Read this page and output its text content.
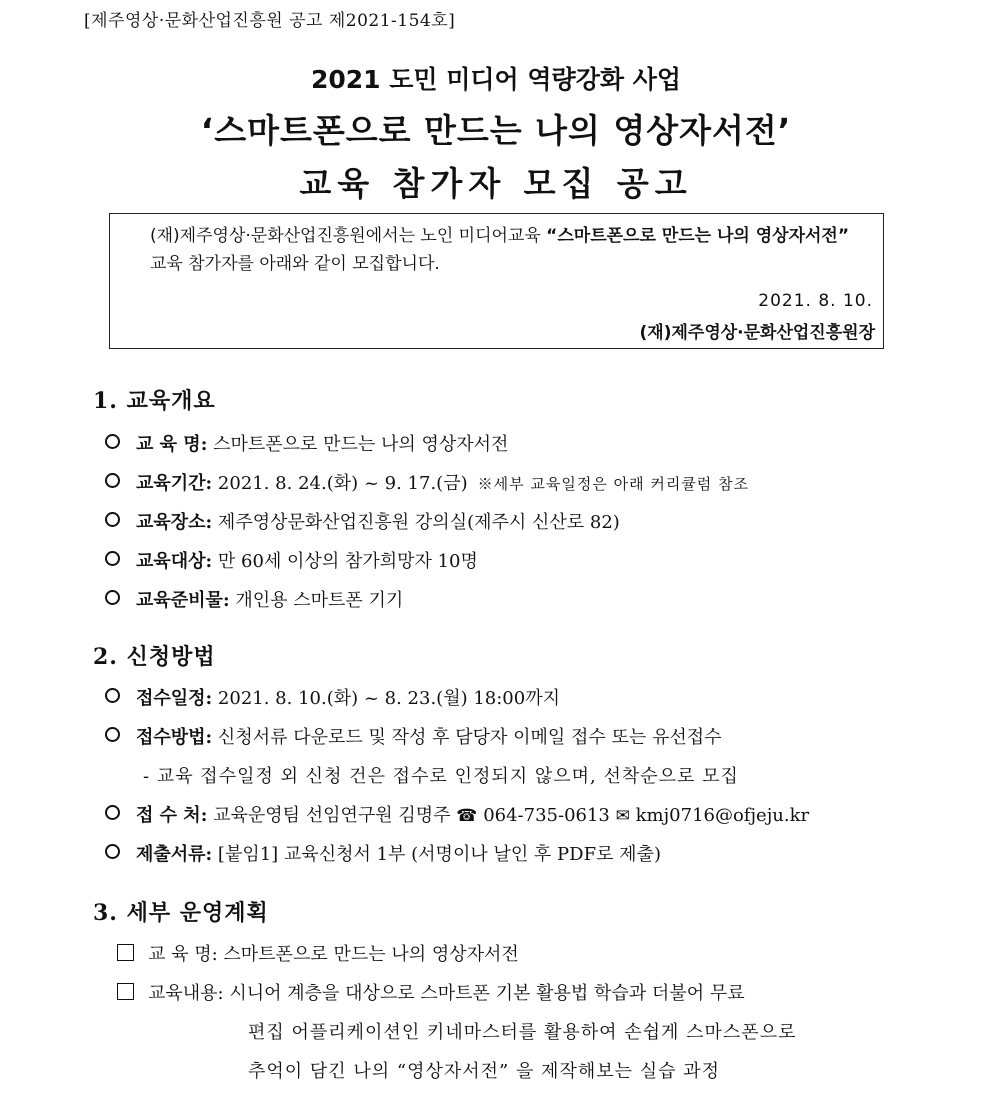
[제주영상·문화산업진흥원 공고 제2021-154호]
2021 도민 미디어 역량강화 사업
‘스마트폰으로 만드는 나의 영상자서전’
교육 참가자 모집 공고
(재)제주영상·문화산업진흥원에서는 노인 미디어교육 “스마트폰으로 만드는 나의 영상자서전” 교육 참가자를 아래와 같이 모집합니다.
2021. 8. 10.
(재)제주영상·문화산업진흥원장
1. 교육개요
교 육 명: 스마트폰으로 만드는 나의 영상자서전
교육기간: 2021. 8. 24.(화) ~ 9. 17.(금) ※세부 교육일정은 아래 커리큘럼 참조
교육장소: 제주영상문화산업진흥원 강의실(제주시 신산로 82)
교육대상: 만 60세 이상의 참가희망자 10명
교육준비물: 개인용 스마트폰 기기
2. 신청방법
접수일정: 2021. 8. 10.(화) ~ 8. 23.(월) 18:00까지
접수방법: 신청서류 다운로드 및 작성 후 담당자 이메일 접수 또는 유선접수
- 교육 접수일정 외 신청 건은 접수로 인정되지 않으며, 선착순으로 모집
접 수 처: 교육운영팀 선임연구원 김명주 ☎ 064-735-0613 ✉ kmj0716@ofjeju.kr
제출서류: [붙임1] 교육신청서 1부 (서명이나 날인 후 PDF로 제출)
3. 세부 운영계획
교 육 명: 스마트폰으로 만드는 나의 영상자서전
교육내용: 시니어 계층을 대상으로 스마트폰 기본 활용법 학습과 더불어 무료
편집 어플리케이션인 키네마스터를 활용하여 손쉽게 스마스폰으로
추억이 담긴 나의 “영상자서전” 을 제작해보는 실습 과정
